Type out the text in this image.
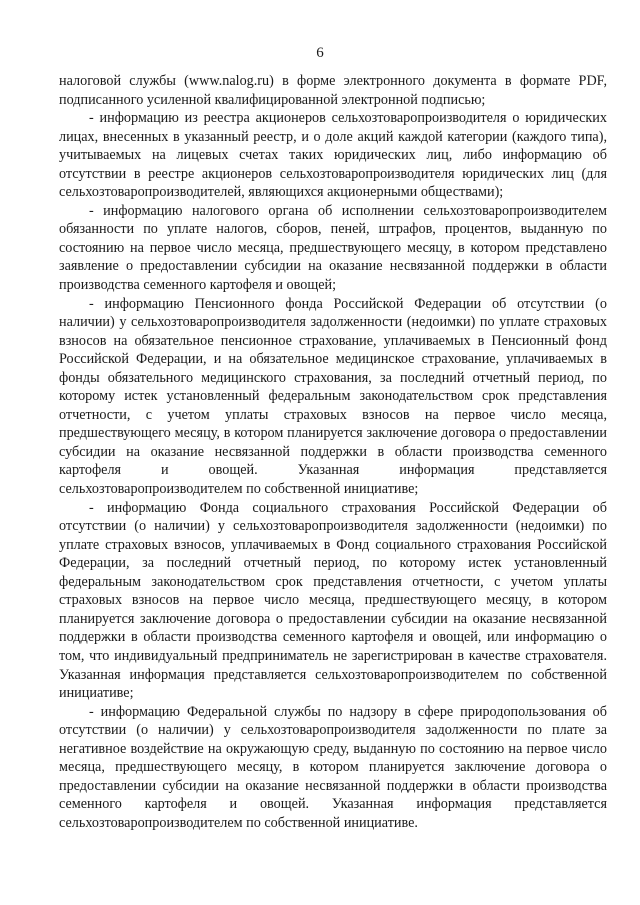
6

налоговой службы (www.nalog.ru) в форме электронного документа в формате PDF, подписанного усиленной квалифицированной электронной подписью;

- информацию из реестра акционеров сельхозтоваропроизводителя о юридических лицах, внесенных в указанный реестр, и о доле акций каждой категории (каждого типа), учитываемых на лицевых счетах таких юридических лиц, либо информацию об отсутствии в реестре акционеров сельхозтоваропроизводителя юридических лиц (для сельхозтоваропроизводителей, являющихся акционерными обществами);

- информацию налогового органа об исполнении сельхозтоваропроизводителем обязанности по уплате налогов, сборов, пеней, штрафов, процентов, выданную по состоянию на первое число месяца, предшествующего месяцу, в котором представлено заявление о предоставлении субсидии на оказание несвязанной поддержки в области производства семенного картофеля и овощей;

- информацию Пенсионного фонда Российской Федерации об отсутствии (о наличии) у сельхозтоваропроизводителя задолженности (недоимки) по уплате страховых взносов на обязательное пенсионное страхование, уплачиваемых в Пенсионный фонд Российской Федерации, и на обязательное медицинское страхование, уплачиваемых в фонды обязательного медицинского страхования, за последний отчетный период, по которому истек установленный федеральным законодательством срок представления отчетности, с учетом уплаты страховых взносов на первое число месяца, предшествующего месяцу, в котором планируется заключение договора о предоставлении субсидии на оказание несвязанной поддержки в области производства семенного картофеля и овощей. Указанная информация представляется сельхозтоваропроизводителем по собственной инициативе;

- информацию Фонда социального страхования Российской Федерации об отсутствии (о наличии) у сельхозтоваропроизводителя задолженности (недоимки) по уплате страховых взносов, уплачиваемых в Фонд социального страхования Российской Федерации, за последний отчетный период, по которому истек установленный федеральным законодательством срок представления отчетности, с учетом уплаты страховых взносов на первое число месяца, предшествующего месяцу, в котором планируется заключение договора о предоставлении субсидии на оказание несвязанной поддержки в области производства семенного картофеля и овощей, или информацию о том, что индивидуальный предприниматель не зарегистрирован в качестве страхователя. Указанная информация представляется сельхозтоваропроизводителем по собственной инициативе;

- информацию Федеральной службы по надзору в сфере природопользования об отсутствии (о наличии) у сельхозтоваропроизводителя задолженности по плате за негативное воздействие на окружающую среду, выданную по состоянию на первое число месяца, предшествующего месяцу, в котором планируется заключение договора о предоставлении субсидии на оказание несвязанной поддержки в области производства семенного картофеля и овощей. Указанная информация представляется сельхозтоваропроизводителем по собственной инициативе.
